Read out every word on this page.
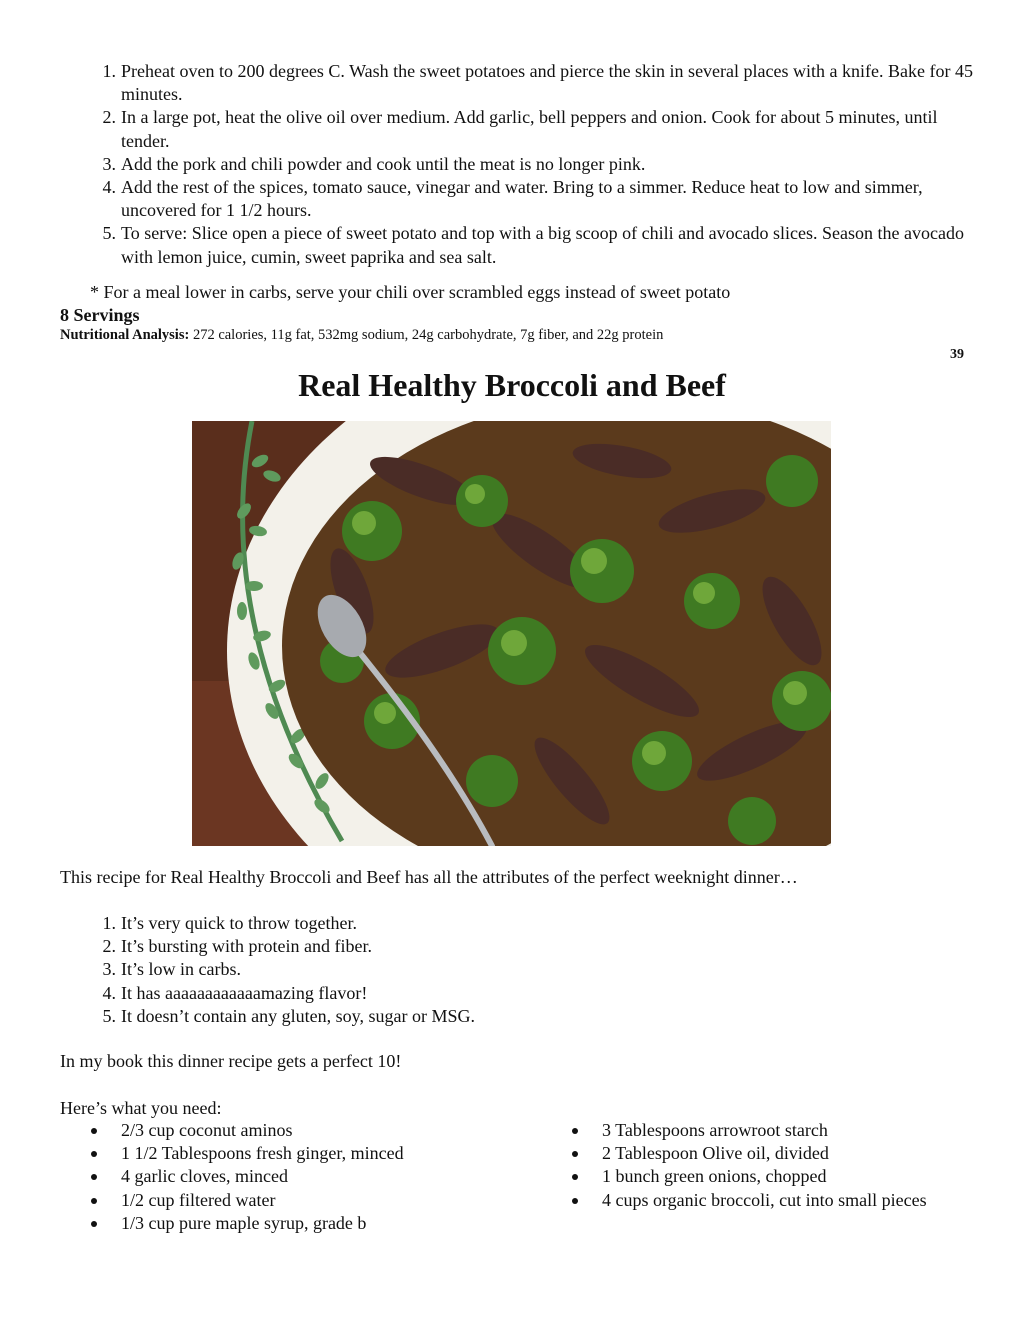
1. Preheat oven to 200 degrees C. Wash the sweet potatoes and pierce the skin in several places with a knife. Bake for 45 minutes.
2. In a large pot, heat the olive oil over medium. Add garlic, bell peppers and onion. Cook for about 5 minutes, until tender.
3. Add the pork and chili powder and cook until the meat is no longer pink.
4. Add the rest of the spices, tomato sauce, vinegar and water. Bring to a simmer. Reduce heat to low and simmer, uncovered for 1 1/2 hours.
5. To serve: Slice open a piece of sweet potato and top with a big scoop of chili and avocado slices. Season the avocado with lemon juice, cumin, sweet paprika and sea salt.
* For a meal lower in carbs, serve your chili over scrambled eggs instead of sweet potato
8 Servings
Nutritional Analysis: 272 calories, 11g fat, 532mg sodium, 24g carbohydrate, 7g fiber, and 22g protein
39
Real Healthy Broccoli and Beef
This recipe for Real Healthy Broccoli and Beef has all the attributes of the perfect weeknight dinner…
1. It’s very quick to throw together.
2. It’s bursting with protein and fiber.
3. It’s low in carbs.
4. It has aaaaaaaaaaaamazing flavor!
5. It doesn’t contain any gluten, soy, sugar or MSG.
In my book this dinner recipe gets a perfect 10!
Here’s what you need:
2/3 cup coconut aminos
1 1/2 Tablespoons fresh ginger, minced
4 garlic cloves, minced
1/2 cup filtered water
1/3 cup pure maple syrup, grade b
3 Tablespoons arrowroot starch
2 Tablespoon Olive oil, divided
1 bunch green onions, chopped
4 cups organic broccoli, cut into small pieces
